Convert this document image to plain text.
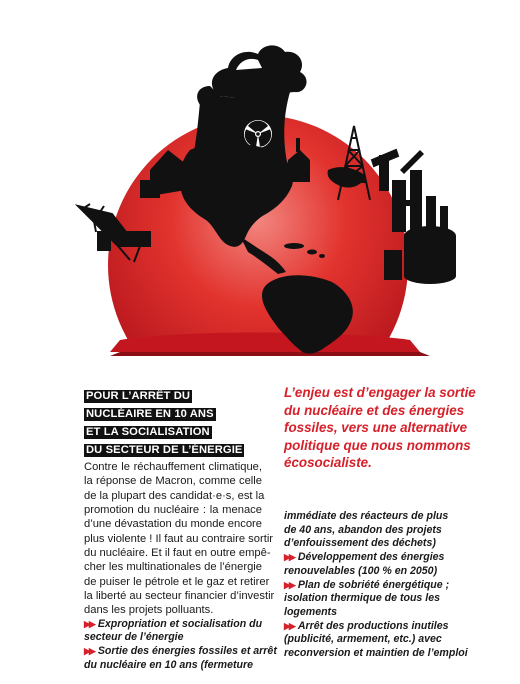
POUR L’ARRÊT DU
NUCLÉAIRE EN 10 ANS
ET LA SOCIALISATION
DU SECTEUR DE L’ÉNERGIE

Contre le réchauffement climatique,
la réponse de Macron, comme celle
de la plupart des candidat·e·s, est la
promotion du nucléaire : la menace
d’une dévastation du monde encore
plus violente ! Il faut au contraire sortir
du nucléaire. Et il faut en outre empê-
cher les multinationales de l’énergie
de puiser le pétrole et le gaz et retirer
la liberté au secteur financier d’investir
dans les projets polluants.

▶▶ Expropriation et socialisation du
secteur de l’énergie
▶▶ Sortie des énergies fossiles et arrêt
du nucléaire en 10 ans (fermeture

L’enjeu est d’engager la sortie
du nucléaire et des énergies
fossiles, vers une alternative
politique que nous nommons
écosocialiste.

immédiate des réacteurs de plus
de 40 ans, abandon des projets
d’enfouissement des déchets)
▶▶ Développement des énergies
renouvelables (100 % en 2050)
▶▶ Plan de sobriété énergétique ;
isolation thermique de tous les
logements
▶▶ Arrêt des productions inutiles
(publicité, armement, etc.) avec
reconversion et maintien de l’emploi
